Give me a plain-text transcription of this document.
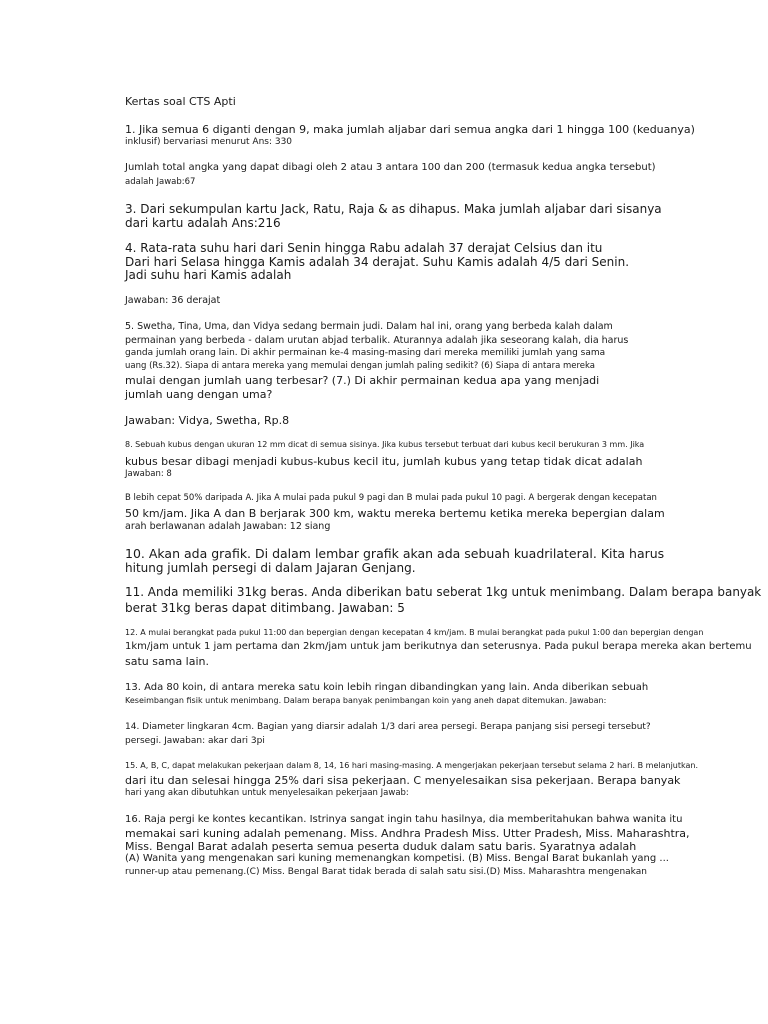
Kertas soal CTS Apti
1. Jika semua 6 diganti dengan 9, maka jumlah aljabar dari semua angka dari 1 hingga 100 (keduanya)
inklusif) bervariasi menurut Ans: 330
Jumlah total angka yang dapat dibagi oleh 2 atau 3 antara 100 dan 200 (termasuk kedua angka tersebut)
adalah Jawab:67
3. Dari sekumpulan kartu Jack, Ratu, Raja & as dihapus. Maka jumlah aljabar dari sisanya
dari kartu adalah Ans:216
4. Rata-rata suhu hari dari Senin hingga Rabu adalah 37 derajat Celsius dan itu
Dari hari Selasa hingga Kamis adalah 34 derajat. Suhu Kamis adalah 4/5 dari Senin.
Jadi suhu hari Kamis adalah
Jawaban: 36 derajat
5. Swetha, Tina, Uma, dan Vidya sedang bermain judi. Dalam hal ini, orang yang berbeda kalah dalam
permainan yang berbeda - dalam urutan abjad terbalik. Aturannya adalah jika seseorang kalah, dia harus
ganda jumlah orang lain. Di akhir permainan ke-4 masing-masing dari mereka memiliki jumlah yang sama
uang (Rs.32). Siapa di antara mereka yang memulai dengan jumlah paling sedikit? (6) Siapa di antara mereka
mulai dengan jumlah uang terbesar? (7.) Di akhir permainan kedua apa yang menjadi
jumlah uang dengan uma?
Jawaban: Vidya, Swetha, Rp.8
8. Sebuah kubus dengan ukuran 12 mm dicat di semua sisinya. Jika kubus tersebut terbuat dari kubus kecil berukuran 3 mm. Jika
kubus besar dibagi menjadi kubus-kubus kecil itu, jumlah kubus yang tetap tidak dicat adalah
Jawaban: 8
B lebih cepat 50% daripada A. Jika A mulai pada pukul 9 pagi dan B mulai pada pukul 10 pagi. A bergerak dengan kecepatan
50 km/jam. Jika A dan B berjarak 300 km, waktu mereka bertemu ketika mereka bepergian dalam
arah berlawanan adalah Jawaban: 12 siang
10. Akan ada grafik. Di dalam lembar grafik akan ada sebuah kuadrilateral. Kita harus
hitung jumlah persegi di dalam Jajaran Genjang.
11. Anda memiliki 31kg beras. Anda diberikan batu seberat 1kg untuk menimbang. Dalam berapa banyak
berat 31kg beras dapat ditimbang. Jawaban: 5
12. A mulai berangkat pada pukul 11:00 dan bepergian dengan kecepatan 4 km/jam. B mulai berangkat pada pukul 1:00 dan bepergian dengan
1km/jam untuk 1 jam pertama dan 2km/jam untuk jam berikutnya dan seterusnya. Pada pukul berapa mereka akan bertemu
satu sama lain.
13. Ada 80 koin, di antara mereka satu koin lebih ringan dibandingkan yang lain. Anda diberikan sebuah
Keseimbangan fisik untuk menimbang. Dalam berapa banyak penimbangan koin yang aneh dapat ditemukan. Jawaban:
14. Diameter lingkaran 4cm. Bagian yang diarsir adalah 1/3 dari area persegi. Berapa panjang sisi persegi tersebut?
persegi. Jawaban: akar dari 3pi
15. A, B, C, dapat melakukan pekerjaan dalam 8, 14, 16 hari masing-masing. A mengerjakan pekerjaan tersebut selama 2 hari. B melanjutkan.
dari itu dan selesai hingga 25% dari sisa pekerjaan. C menyelesaikan sisa pekerjaan. Berapa banyak
hari yang akan dibutuhkan untuk menyelesaikan pekerjaan Jawab:
16. Raja pergi ke kontes kecantikan. Istrinya sangat ingin tahu hasilnya, dia memberitahukan bahwa wanita itu
memakai sari kuning adalah pemenang. Miss. Andhra Pradesh Miss. Utter Pradesh, Miss. Maharashtra,
Miss. Bengal Barat adalah peserta semua peserta duduk dalam satu baris. Syaratnya adalah
(A) Wanita yang mengenakan sari kuning memenangkan kompetisi. (B) Miss. Bengal Barat bukanlah yang ...
runner-up atau pemenang.(C) Miss. Bengal Barat tidak berada di salah satu sisi.(D) Miss. Maharashtra mengenakan
